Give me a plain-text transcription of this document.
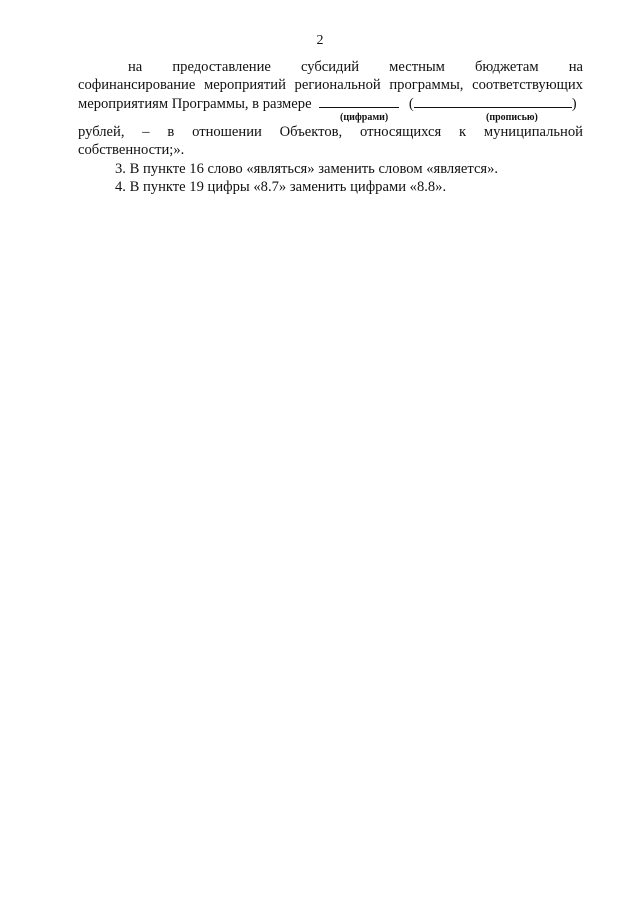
2
на предоставление субсидий местным бюджетам на
софинансирование мероприятий региональной программы, соответствующих
мероприятиям Программы, в размере	(	)
(цифрами)	(прописью)
рублей, – в отношении Объектов, относящихся к муниципальной
собственности;».
3. В пункте 16 слово «являться» заменить словом «является».
4. В пункте 19 цифры «8.7» заменить цифрами «8.8».
